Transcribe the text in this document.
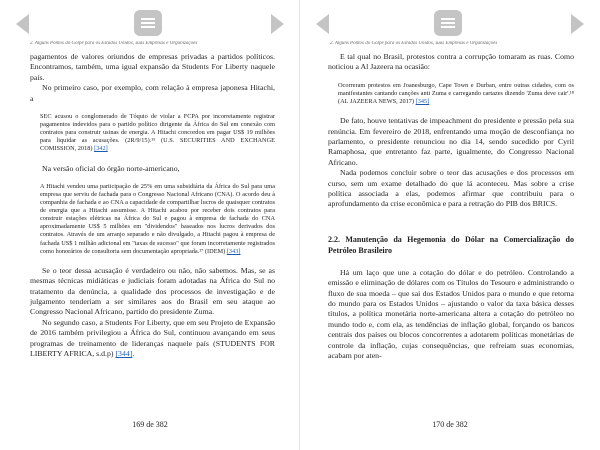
2. Alguns Pontos do Golpe para os Estados Unidos, suas Empresas e Organizações

pagamentos de valores oriundos de empresas privadas a partidos políticos. Encontramos, também, uma igual expansão da Students For Liberty naquele país.

No primeiro caso, por exemplo, com relação à empresa japonesa Hitachi, a

SEC acusou o conglomerado de Tóquio de violar a FCPA por incorretamente registrar pagamentos indevidos para o partido político dirigente da África do Sul em conexão com contratos para construir usinas de energia. A Hitachi concordou em pagar US$ 19 milhões para liquidar as acusações. (2R/9/15).¹⁵ (U.S. SECURITIES AND EXCHANGE COMISSION, 2018) [342]

Na versão oficial do órgão norte-americano,

A Hitachi vendeu uma participação de 25% em uma subsidiária da África do Sul para uma empresa que serviu de fachada para o Congresso Nacional Africano (CNA). O acordo deu à companhia de fachada e ao CNA a capacidade de compartilhar lucros de quaisquer contratos de energia que a Hitachi assumisse. A Hitachi acabou por receber dois contratos para construir estações elétricas na África do Sul e pagou à empresa de fachada do CNA aproximadamente US$ 5 milhões em "dividendos" baseados nos lucros derivados dos contratos. Através de um arranjo separado e não divulgado, a Hitachi pagou à empresa de fachada US$ 1 milhão adicional em "taxas de sucesso" que foram incorretamente registrados como honorários de consultoria sem documentação apropriada.¹⁷ (IDEM) [343]

Se o teor dessa acusação é verdadeiro ou não, não sabemos. Mas, se as mesmas técnicas midiáticas e judiciais foram adotadas na África do Sul no tratamento da denúncia, a qualidade dos processos de investigação e de julgamento tenderiam a ser similares aos do Brasil em seu ataque ao Congresso Nacional Africano, partido do presidente Zuma.

No segundo caso, a Students For Liberty, que em seu Projeto de Expansão de 2016 também privilegiou a África do Sul, continuou avançando em seus programas de treinamento de lideranças naquele país (STUDENTS FOR LIBERTY AFRICA, s.d.p) [344].

169 de 382
2. Alguns Pontos do Golpe para os Estados Unidos, suas Empresas e Organizações

E tal qual no Brasil, protestos contra a corrupção tomaram as ruas. Como noticiou a Al Jazeera na ocasião:

Ocorreram protestos em Joanesburgo, Cape Town e Durban, entre outras cidades, com os manifestantes cantando canções anti Zuma e carregando cartazes dizendo 'Zuma deve cair'.¹⁸ (AL JAZEERA NEWS, 2017) [345]

De fato, houve tentativas de impeachment do presidente e pressão pela sua renúncia. Em fevereiro de 2018, enfrentando uma moção de desconfiança no parlamento, o presidente renunciou no dia 14, sendo sucedido por Cyril Ramaphosa, que entretanto faz parte, igualmente, do Congresso Nacional Africano.

Nada podemos concluir sobre o teor das acusações e dos processos em curso, sem um exame detalhado do que lá aconteceu. Mas sobre a crise política associada a elas, podemos afirmar que contribuiu para o aprofundamento da crise econômica e para a retração do PIB dos BRICS.

2.2. Manutenção da Hegemonia do Dólar na Comercialização do Petróleo Brasileiro

Há um laço que une a cotação do dólar e do petróleo. Controlando a emissão e eliminação de dólares com os Títulos do Tesouro e administrando o fluxo de sua moeda – que sai dos Estados Unidos para o mundo e que retorna do mundo para os Estados Unidos – ajustando o valor da taxa básica desses títulos, a política monetária norte-americana altera a cotação do petróleo no mundo todo e, com ela, as tendências de inflação global, forçando os bancos centrais dos países ou blocos concorrentes a adotarem políticas monetárias de controle da inflação, cujas consequências, que refreiam suas economias, acabam por aten-

170 de 382
